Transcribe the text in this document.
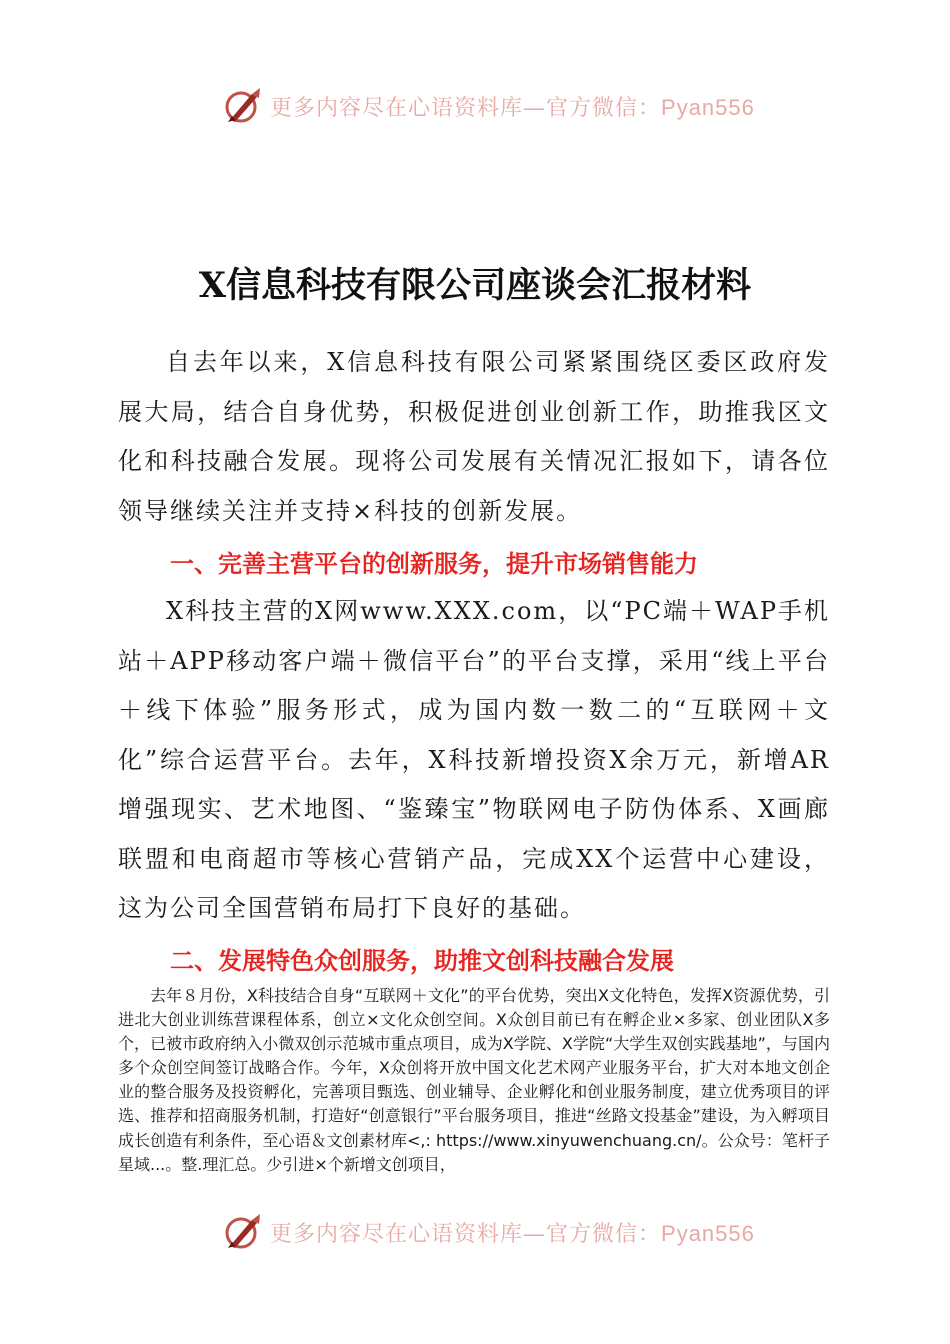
更多内容尽在心语资料库—官方微信：Pyan556
X信息科技有限公司座谈会汇报材料

自去年以来，X信息科技有限公司紧紧围绕区委区政府发展大局，结合自身优势，积极促进创业创新工作，助推我区文化和科技融合发展。现将公司发展有关情况汇报如下，请各位领导继续关注并支持×科技的创新发展。

一、完善主营平台的创新服务，提升市场销售能力

X科技主营的X网www.XXX.com，以“PC端＋WAP手机站＋APP移动客户端＋微信平台”的平台支撑，采用“线上平台＋线下体验”服务形式，成为国内数一数二的“互联网＋文化”综合运营平台。去年，X科技新增投资X余万元，新增AR增强现实、艺术地图、“鉴臻宝”物联网电子防伪体系、X画廊联盟和电商超市等核心营销产品，完成XX个运营中心建设，这为公司全国营销布局打下良好的基础。

二、发展特色众创服务，助推文创科技融合发展

去年８月份，X科技结合自身“互联网＋文化”的平台优势，突出X文化特色，发挥X资源优势，引进北大创业训练营课程体系，创立×文化众创空间。X众创目前已有在孵企业×多家、创业团队X多个，已被市政府纳入小微双创示范城市重点项目，成为X学院、X学院“大学生双创实践基地”，与国内多个众创空间签订战略合作。今年，X众创将开放中国文化艺术网产业服务平台，扩大对本地文创企业的整合服务及投资孵化，完善项目甄选、创业辅导、企业孵化和创业服务制度，建立优秀项目的评选、推荐和招商服务机制，打造好“创意银行”平台服务项目，推进“丝路文投基金”建设，为入孵项目成长创造有利条件，至心语＆文创素材库<,: https://www.xinyuwenchuang.cn/。公众号：笔杆子星域...。整.理汇总。少引进×个新增文创项目，

更多内容尽在心语资料库—官方微信：Pyan556
